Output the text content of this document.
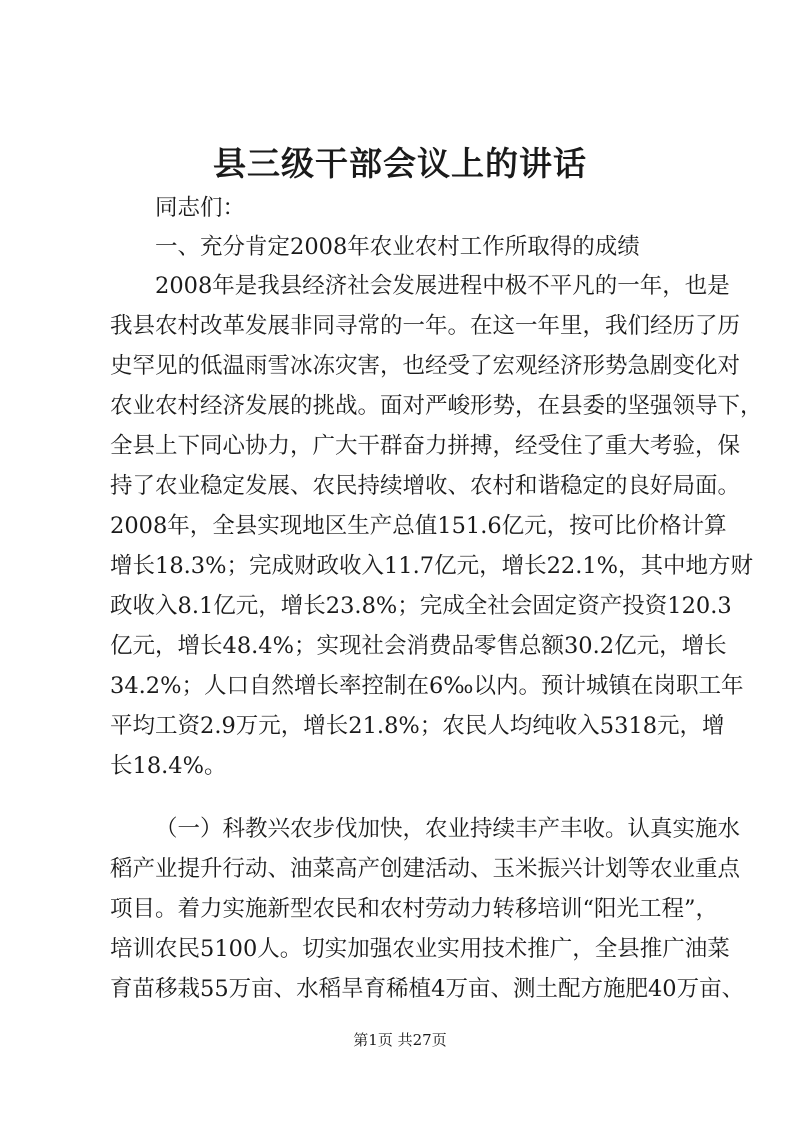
县三级干部会议上的讲话
同志们：
一、充分肯定2008年农业农村工作所取得的成绩
2008年是我县经济社会发展进程中极不平凡的一年，也是
我县农村改革发展非同寻常的一年。在这一年里，我们经历了历
史罕见的低温雨雪冰冻灾害，也经受了宏观经济形势急剧变化对
农业农村经济发展的挑战。面对严峻形势，在县委的坚强领导下，
全县上下同心协力，广大干群奋力拼搏，经受住了重大考验，保
持了农业稳定发展、农民持续增收、农村和谐稳定的良好局面。
2008年，全县实现地区生产总值151.6亿元，按可比价格计算
增长18.3%；完成财政收入11.7亿元，增长22.1%，其中地方财
政收入8.1亿元，增长23.8%；完成全社会固定资产投资120.3
亿元，增长48.4%；实现社会消费品零售总额30.2亿元，增长
34.2%；人口自然增长率控制在6‰以内。预计城镇在岗职工年
平均工资2.9万元，增长21.8%；农民人均纯收入5318元，增
长18.4%。
（一）科教兴农步伐加快，农业持续丰产丰收。认真实施水
稻产业提升行动、油菜高产创建活动、玉米振兴计划等农业重点
项目。着力实施新型农民和农村劳动力转移培训“阳光工程”，
培训农民5100人。切实加强农业实用技术推广，全县推广油菜
育苗移栽55万亩、水稻旱育稀植4万亩、测土配方施肥40万亩、
第1页 共27页
